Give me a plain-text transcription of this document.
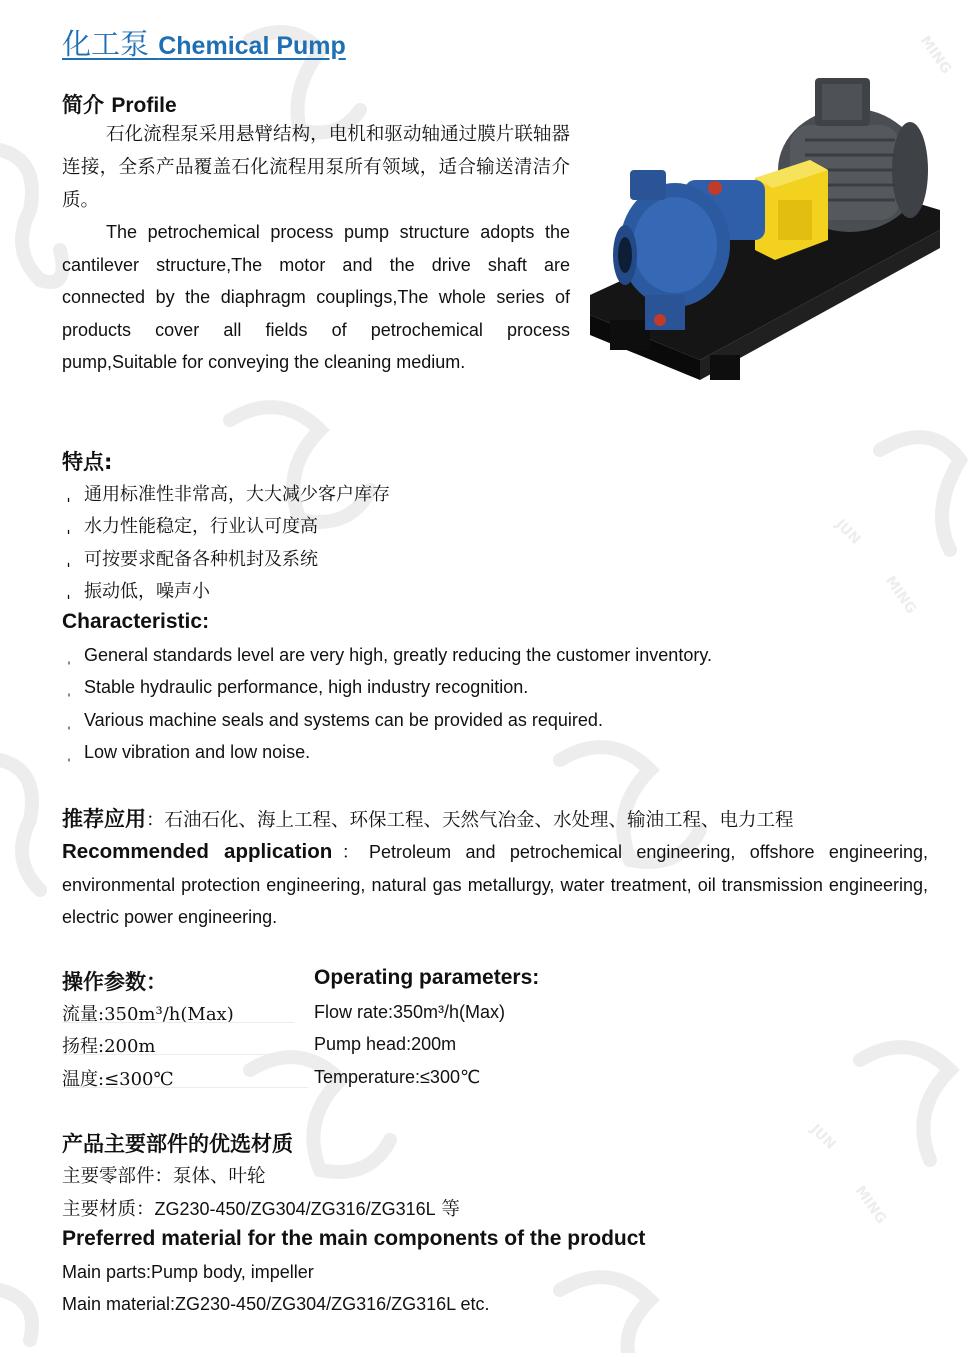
MING
JUN
MING
JUN
MING
化工泵 Chemical Pump
简介 Profile
石化流程泵采用悬臂结构，电机和驱动轴通过膜片联轴器连接，全系产品覆盖石化流程用泵所有领域，适合输送清洁介质。
The petrochemical process pump structure adopts the cantilever structure,The motor and the drive shaft are connected by the diaphragm couplings,The whole series of products cover all fields of petrochemical process pump,Suitable for conveying the cleaning medium.
特点:
ˌ 通用标准性非常高，大大减少客户库存
ˌ 水力性能稳定，行业认可度高
ˌ 可按要求配备各种机封及系统
ˌ 振动低，噪声小
Characteristic:
ˌ General standards level are very high, greatly reducing the customer inventory.
ˌ Stable hydraulic performance, high industry recognition.
ˌ Various machine seals and systems can be provided as required.
ˌ Low vibration and low noise.
推荐应用：石油石化、海上工程、环保工程、天然气冶金、水处理、输油工程、电力工程
Recommended application：Petroleum and petrochemical engineering, offshore engineering, environmental protection engineering, natural gas metallurgy, water treatment, oil transmission engineering, electric power engineering.
操作参数：	Operating parameters:
流量:350m³/h(Max)	Flow rate:350m³/h(Max)
扬程:200m	Pump head:200m
温度:≤300℃	Temperature:≤300℃
产品主要部件的优选材质
主要零部件：泵体、叶轮
主要材质：ZG230-450/ZG304/ZG316/ZG316L 等
Preferred material for the main components of the product
Main parts:Pump body, impeller
Main material:ZG230-450/ZG304/ZG316/ZG316L etc.
